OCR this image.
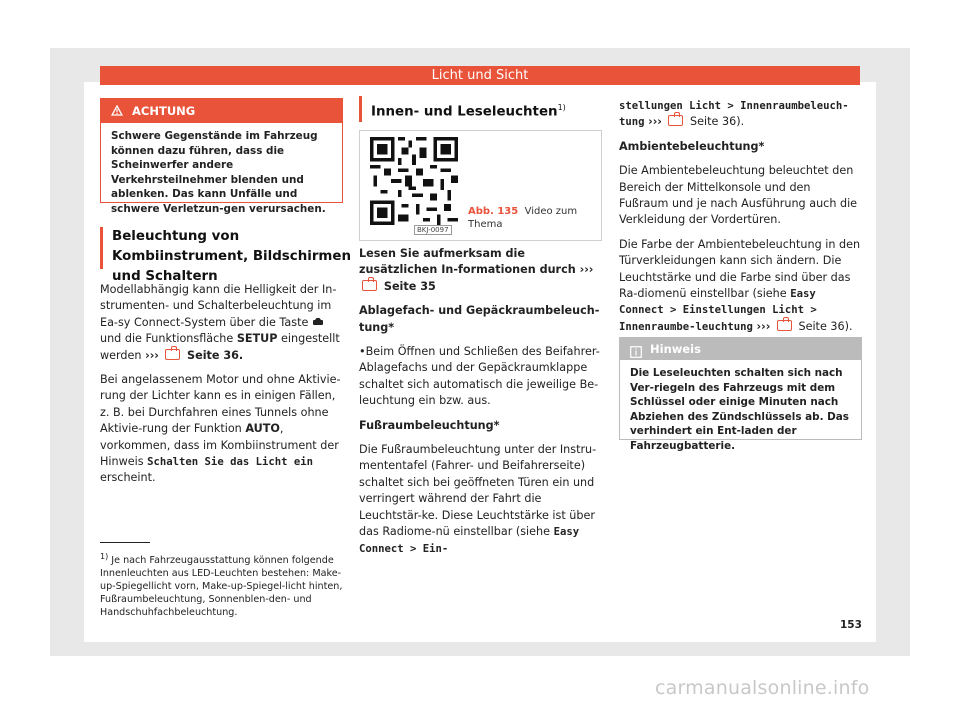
Licht und Sicht
ACHTUNG
Schwere Gegenstände im Fahrzeug können dazu führen, dass die Scheinwerfer andere Verkehrsteilnehmer blenden und ablenken. Das kann Unfälle und schwere Verletzun-gen verursachen.
Beleuchtung von Kombiinstrument, Bildschirmen und Schaltern

Modellabhängig kann die Helligkeit der In-strumenten- und Schalterbeleuchtung im Ea-sy Connect-System über die Taste  und die Funktionsfläche SETUP eingestellt werden ›››	Seite 36.

Bei angelassenem Motor und ohne Aktivie-rung der Lichter kann es in einigen Fällen, z. B. bei Durchfahren eines Tunnels ohne Aktivie-rung der Funktion AUTO, vorkommen, dass im Kombiinstrument der Hinweis Schalten Sie das Licht ein erscheint.

$^{1)}$ Je nach Fahrzeugausstattung können folgende Innenleuchten aus LED-Leuchten bestehen: Make-up-Spiegellicht vorn, Make-up-Spiegel-licht hinten, Fußraumbeleuchtung, Sonnenblen-den- und Handschuhfachbeleuchtung.
Innen- und Leseleuchten$^{1)}$
BKJ-0097
Abb. 135 Video zum Thema

Lesen Sie aufmerksam die zusätzlichen In-formationen durch ›››  Seite 35

Ablagefach- und Gepäckraumbeleuch-tung*

•Beim Öffnen und Schließen des Beifahrer-Ablagefachs und der Gepäckraumklappe schaltet sich automatisch die jeweilige Be-leuchtung ein bzw. aus.

Fußraumbeleuchtung*

Die Fußraumbeleuchtung unter der Instru-mententafel (Fahrer- und Beifahrerseite) schaltet sich bei geöffneten Türen ein und verringert während der Fahrt die Leuchtstär-ke. Diese Leuchtstärke ist über das Radiome-nü einstellbar (siehe Easy Connect > Ein-

stellungen Licht > Innenraumbeleuch-
tung ›››	Seite 36).

Ambientebeleuchtung*

Die Ambientebeleuchtung beleuchtet den Bereich der Mittelkonsole und den Fußraum und je nach Ausführung auch die Verkleidung der Vordertüren.

Die Farbe der Ambientebeleuchtung in den Türverkleidungen kann sich ändern. Die Leuchtstärke und die Farbe sind über das Ra-diomenü einstellbar (siehe Easy Connect > Einstellungen Licht > Innenraumbe-leuchtung ›››	Seite 36).

Hinweis
Die Leseleuchten schalten sich nach Ver-riegeln des Fahrzeugs mit dem Schlüssel oder einige Minuten nach Abziehen des Zündschlüssels ab. Das verhindert ein Ent-laden der Fahrzeugbatterie.
153
carmanualsonline.info
